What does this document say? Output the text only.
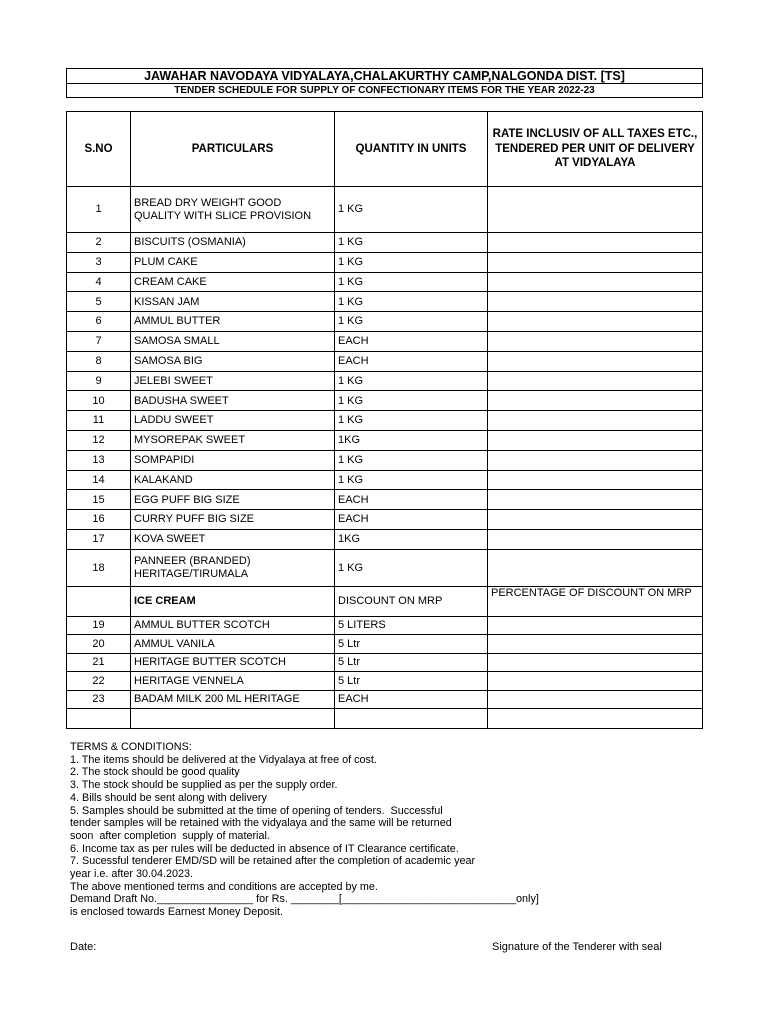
JAWAHAR NAVODAYA VIDYALAYA,CHALAKURTHY CAMP,NALGONDA DIST. [TS]
TENDER SCHEDULE FOR SUPPLY OF CONFECTIONARY ITEMS FOR THE YEAR 2022-23
S.NO	PARTICULARS	QUANTITY IN UNITS	RATE INCLUSIV OF ALL TAXES ETC., TENDERED PER UNIT OF DELIVERY AT VIDYALAYA
1	BREAD DRY WEIGHT GOOD QUALITY WITH SLICE PROVISION	1 KG	
2	BISCUITS (OSMANIA)	1 KG	
3	PLUM CAKE	1 KG	
4	CREAM CAKE	1 KG	
5	KISSAN JAM	1 KG	
6	AMMUL BUTTER	1 KG	
7	SAMOSA SMALL	EACH	
8	SAMOSA BIG	EACH	
9	JELEBI SWEET	1 KG	
10	BADUSHA SWEET	1 KG	
11	LADDU SWEET	1 KG	
12	MYSOREPAK SWEET	1KG	
13	SOMPAPIDI	1 KG	
14	KALAKAND	1 KG	
15	EGG PUFF BIG SIZE	EACH	
16	CURRY PUFF BIG SIZE	EACH	
17	KOVA SWEET	1KG	
18	PANNEER (BRANDED) HERITAGE/TIRUMALA	1 KG	
	ICE CREAM	DISCOUNT ON MRP	PERCENTAGE OF DISCOUNT ON MRP
19	AMMUL BUTTER SCOTCH	5 LITERS	
20	AMMUL VANILA	5 Ltr	
21	HERITAGE BUTTER SCOTCH	5 Ltr	
22	HERITAGE VENNELA	5 Ltr	
23	BADAM MILK 200 ML HERITAGE	EACH	

TERMS & CONDITIONS:
1. The items should be delivered at the Vidyalaya at free of cost.
2. The stock should be good quality
3. The stock should be supplied as per the supply order.
4. Bills should be sent along with delivery
5. Samples should be submitted at the time of opening of tenders.  Successful
tender samples will be retained with the vidyalaya and the same will be returned
soon  after completion  supply of material.
6. Income tax as per rules will be deducted in absence of IT Clearance certificate.
7. Sucessful tenderer EMD/SD will be retained after the completion of academic year
year i.e. after 30.04.2023.
The above mentioned terms and conditions are accepted by me.
Demand Draft No.________________ for Rs. ________[_____________________________only]
is enclosed towards Earnest Money Deposit.
Date:	Signature of the Tenderer with seal
